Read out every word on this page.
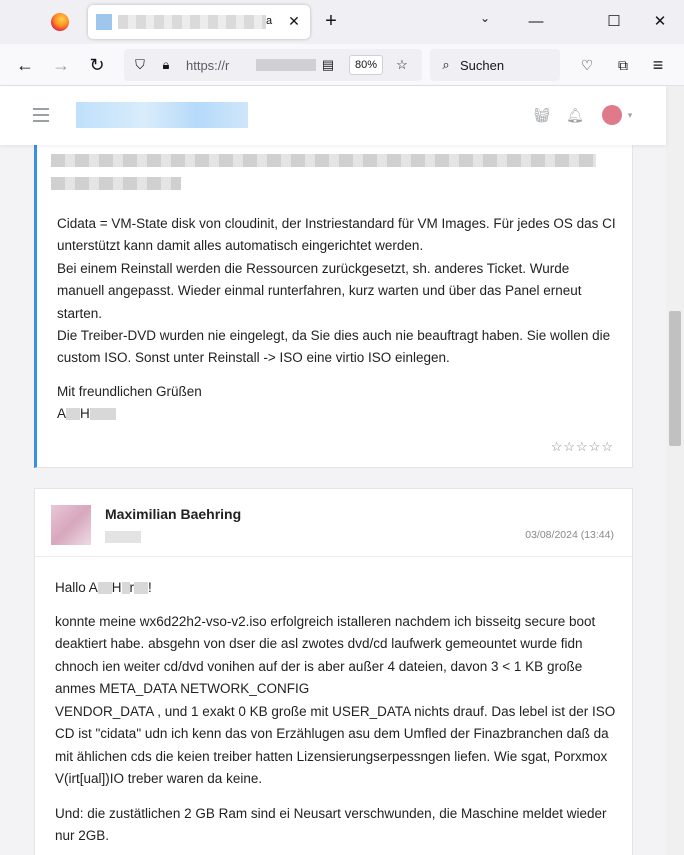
a ✕ +	⌄	—	☐	✕
← → ↻	⛉	🔒︎	https://r	▤	80%	☆	⌕ Suchen	♡	⧉	≡
🧺︎ 🔔︎	▾
Cidata = VM-State disk von cloudinit, der Instriestandard für VM Images. Für jedes OS das CI unterstützt kann damit alles automatisch eingerichtet werden.
Bei einem Reinstall werden die Ressourcen zurückgesetzt, sh. anderes Ticket. Wurde manuell angepasst. Wieder einmal runterfahren, kurz warten und über das Panel erneut starten.
Die Treiber-DVD wurden nie eingelegt, da Sie dies auch nie beauftragt haben. Sie wollen die custom ISO. Sonst unter Reinstall -> ISO eine virtio ISO einlegen.
Mit freundlichen Grüßen
A H
☆☆☆☆☆
Maximilian Baehring
03/08/2024 (13:44)
Hallo A H r !
konnte meine wx6d22h2-vso-v2.iso erfolgreich istalleren nachdem ich bisseitg secure boot deaktiert habe. absgehn von dser die asl zwotes dvd/cd laufwerk gemeountet wurde fidn chnoch ien weiter cd/dvd vonihen auf der is aber außer 4 dateien, davon 3 < 1 KB große anmes META_DATA NETWORK_CONFIG
VENDOR_DATA , und 1 exakt 0 KB große mit USER_DATA nichts drauf. Das lebel ist der ISO CD ist "cidata" udn ich kenn das von Erzählugen asu dem Umfled der Finazbranchen daß da mit ählichen cds die keien treiber hatten Lizensierungserpessngen liefen. Wie sgat, Porxmox V(irt[ual])IO treber waren da keine.
Und: die zustätlichen 2 GB Ram sind ei Neusart verschwunden, die Maschine meldet wieder nur 2GB.
